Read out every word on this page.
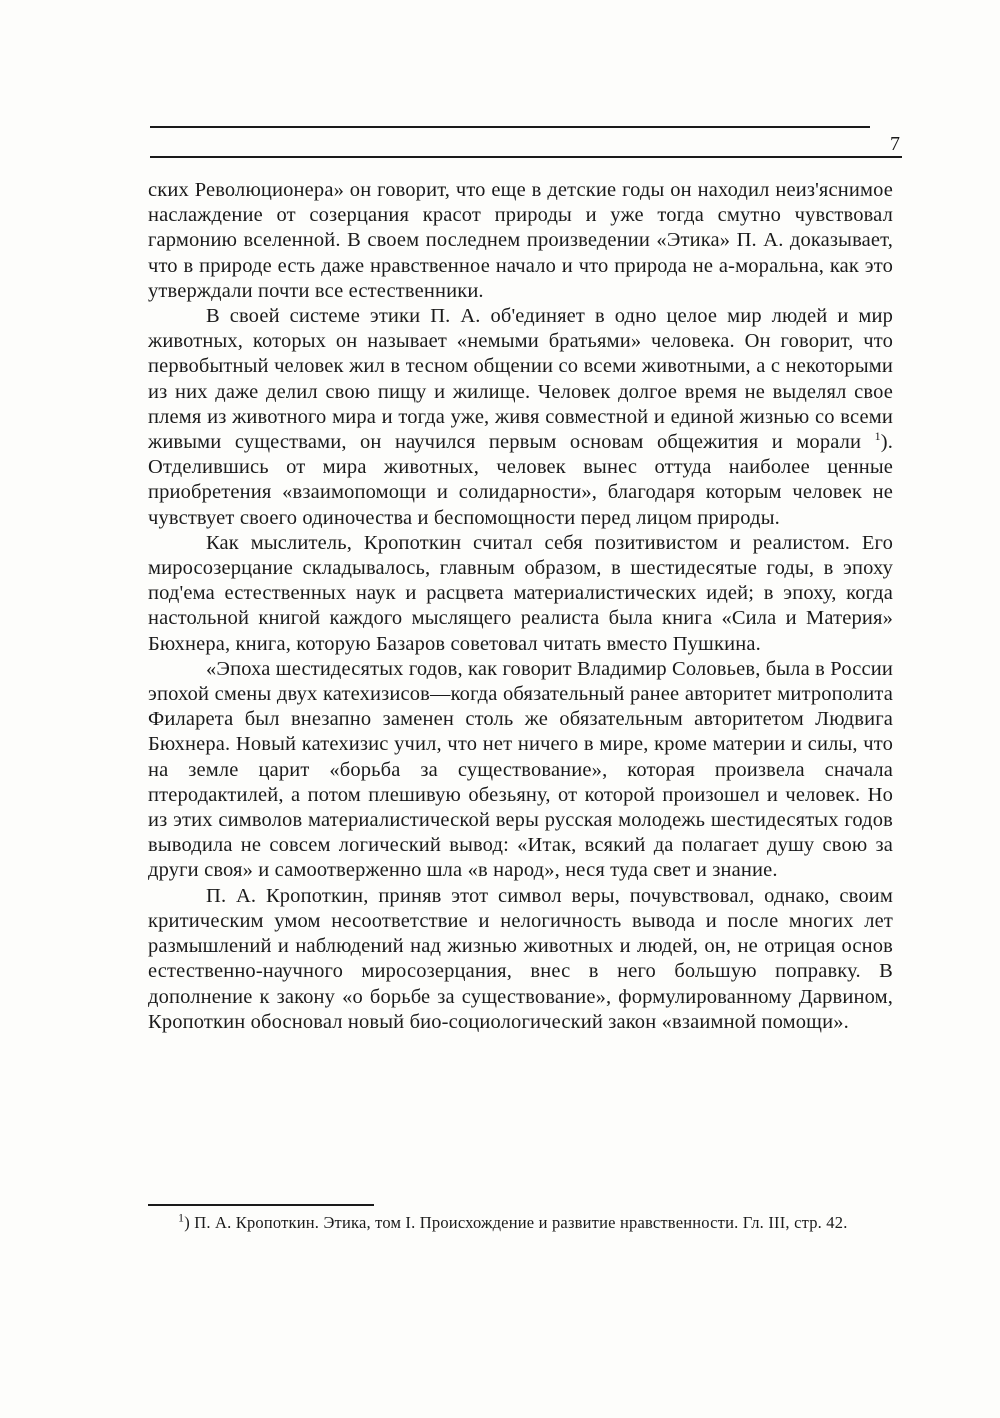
7

ских Революционера» он говорит, что еще в детские годы он находил неиз'яснимое наслаждение от созерцания красот природы и уже тогда смутно чувствовал гармонию вселенной. В своем последнем произведении «Этика» П. А. доказывает, что в природе есть даже нравственное начало и что природа не а-моральна, как это утверждали почти все естественники.

В своей системе этики П. А. об'единяет в одно целое мир людей и мир животных, которых он называет «немыми братьями» человека. Он говорит, что первобытный человек жил в тесном общении со всеми животными, а с некоторыми из них даже делил свою пищу и жилище. Человек долгое время не выделял свое племя из животного мира и тогда уже, живя совместной и единой жизнью со всеми живыми существами, он научился первым основам общежития и морали $^1$). Отделившись от мира животных, человек вынес оттуда наиболее ценные приобретения «взаимопомощи и солидарности», благодаря которым человек не чувствует своего одиночества и беспомощности перед лицом природы.

Как мыслитель, Кропоткин считал себя позитивистом и реалистом. Его миросозерцание складывалось, главным образом, в шестидесятые годы, в эпоху под'ема естественных наук и расцвета материалистических идей; в эпоху, когда настольной книгой каждого мыслящего реалиста была книга «Сила и Материя» Бюхнера, книга, которую Базаров советовал читать вместо Пушкина.

«Эпоха шестидесятых годов, как говорит Владимир Соловьев, была в России эпохой смены двух катехизисов—когда обязательный ранее авторитет митрополита Филарета был внезапно заменен столь же обязательным авторитетом Людвига Бюхнера. Новый катехизис учил, что нет ничего в мире, кроме материи и силы, что на земле царит «борьба за существование», которая произвела сначала птеродактилей, а потом плешивую обезьяну, от которой произошел и человек. Но из этих символов материалистической веры русская молодежь шестидесятых годов выводила не совсем логический вывод: «Итак, всякий да полагает душу свою за други своя» и самоотверженно шла «в народ», неся туда свет и знание.

П. А. Кропоткин, приняв этот символ веры, почувствовал, однако, своим критическим умом несоответствие и нелогичность вывода и после многих лет размышлений и наблюдений над жизнью животных и людей, он, не отрицая основ естественно-научного миросозерцания, внес в него большую поправку. В дополнение к закону «о борьбе за существование», формулированному Дарвином, Кропоткин обосновал новый био-социологический закон «взаимной помощи».

$^1$) П. А. Кропоткин. Этика, том I. Происхождение и развитие нравственности. Гл. III, стр. 42.
